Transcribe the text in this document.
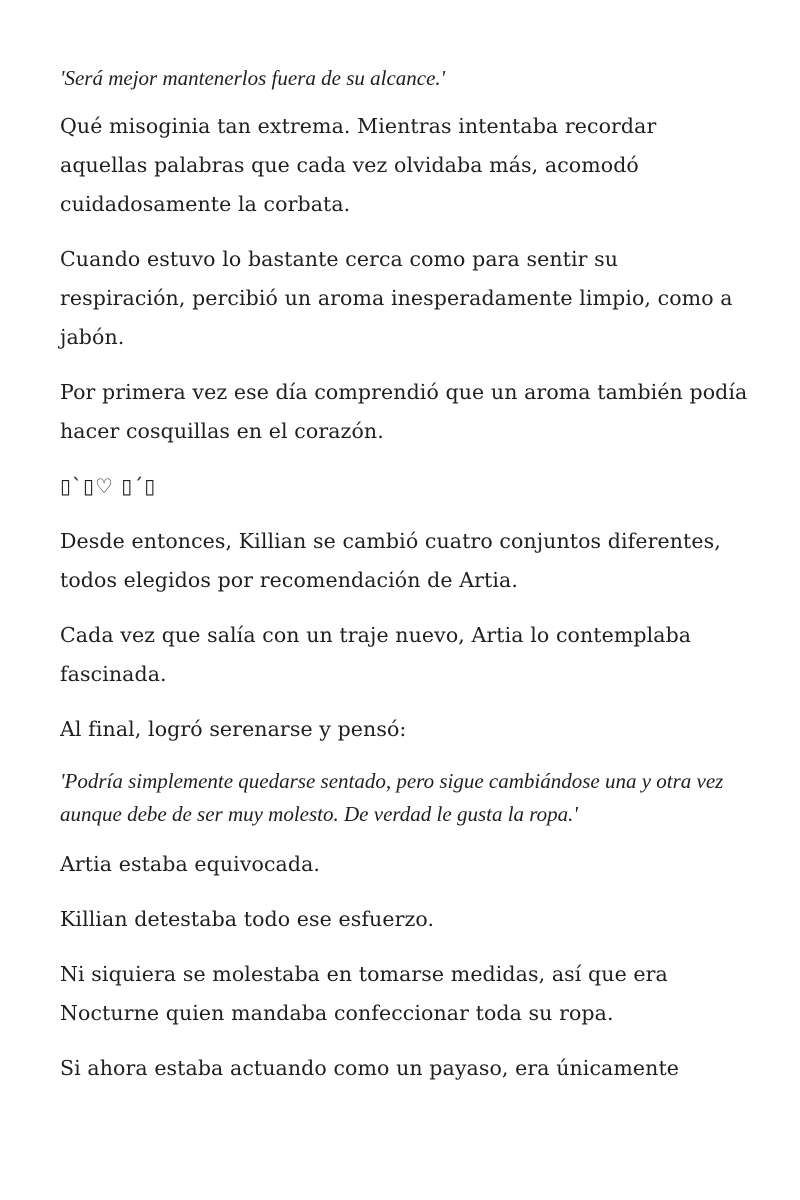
'Será mejor mantenerlos fuera de su alcance.'

Qué misoginia tan extrema. Mientras intentaba recordar aquellas palabras que cada vez olvidaba más, acomodó cuidadosamente la corbata.

Cuando estuvo lo bastante cerca como para sentir su respiración, percibió un aroma inesperadamente limpio, como a jabón.

Por primera vez ese día comprendió que un aroma también podía hacer cosquillas en el corazón.

▯`▯♡ ▯´▯

Desde entonces, Killian se cambió cuatro conjuntos diferentes, todos elegidos por recomendación de Artia.

Cada vez que salía con un traje nuevo, Artia lo contemplaba fascinada.

Al final, logró serenarse y pensó:

'Podría simplemente quedarse sentado, pero sigue cambiándose una y otra vez aunque debe de ser muy molesto. De verdad le gusta la ropa.'

Artia estaba equivocada.

Killian detestaba todo ese esfuerzo.

Ni siquiera se molestaba en tomarse medidas, así que era Nocturne quien mandaba confeccionar toda su ropa.

Si ahora estaba actuando como un payaso, era únicamente
